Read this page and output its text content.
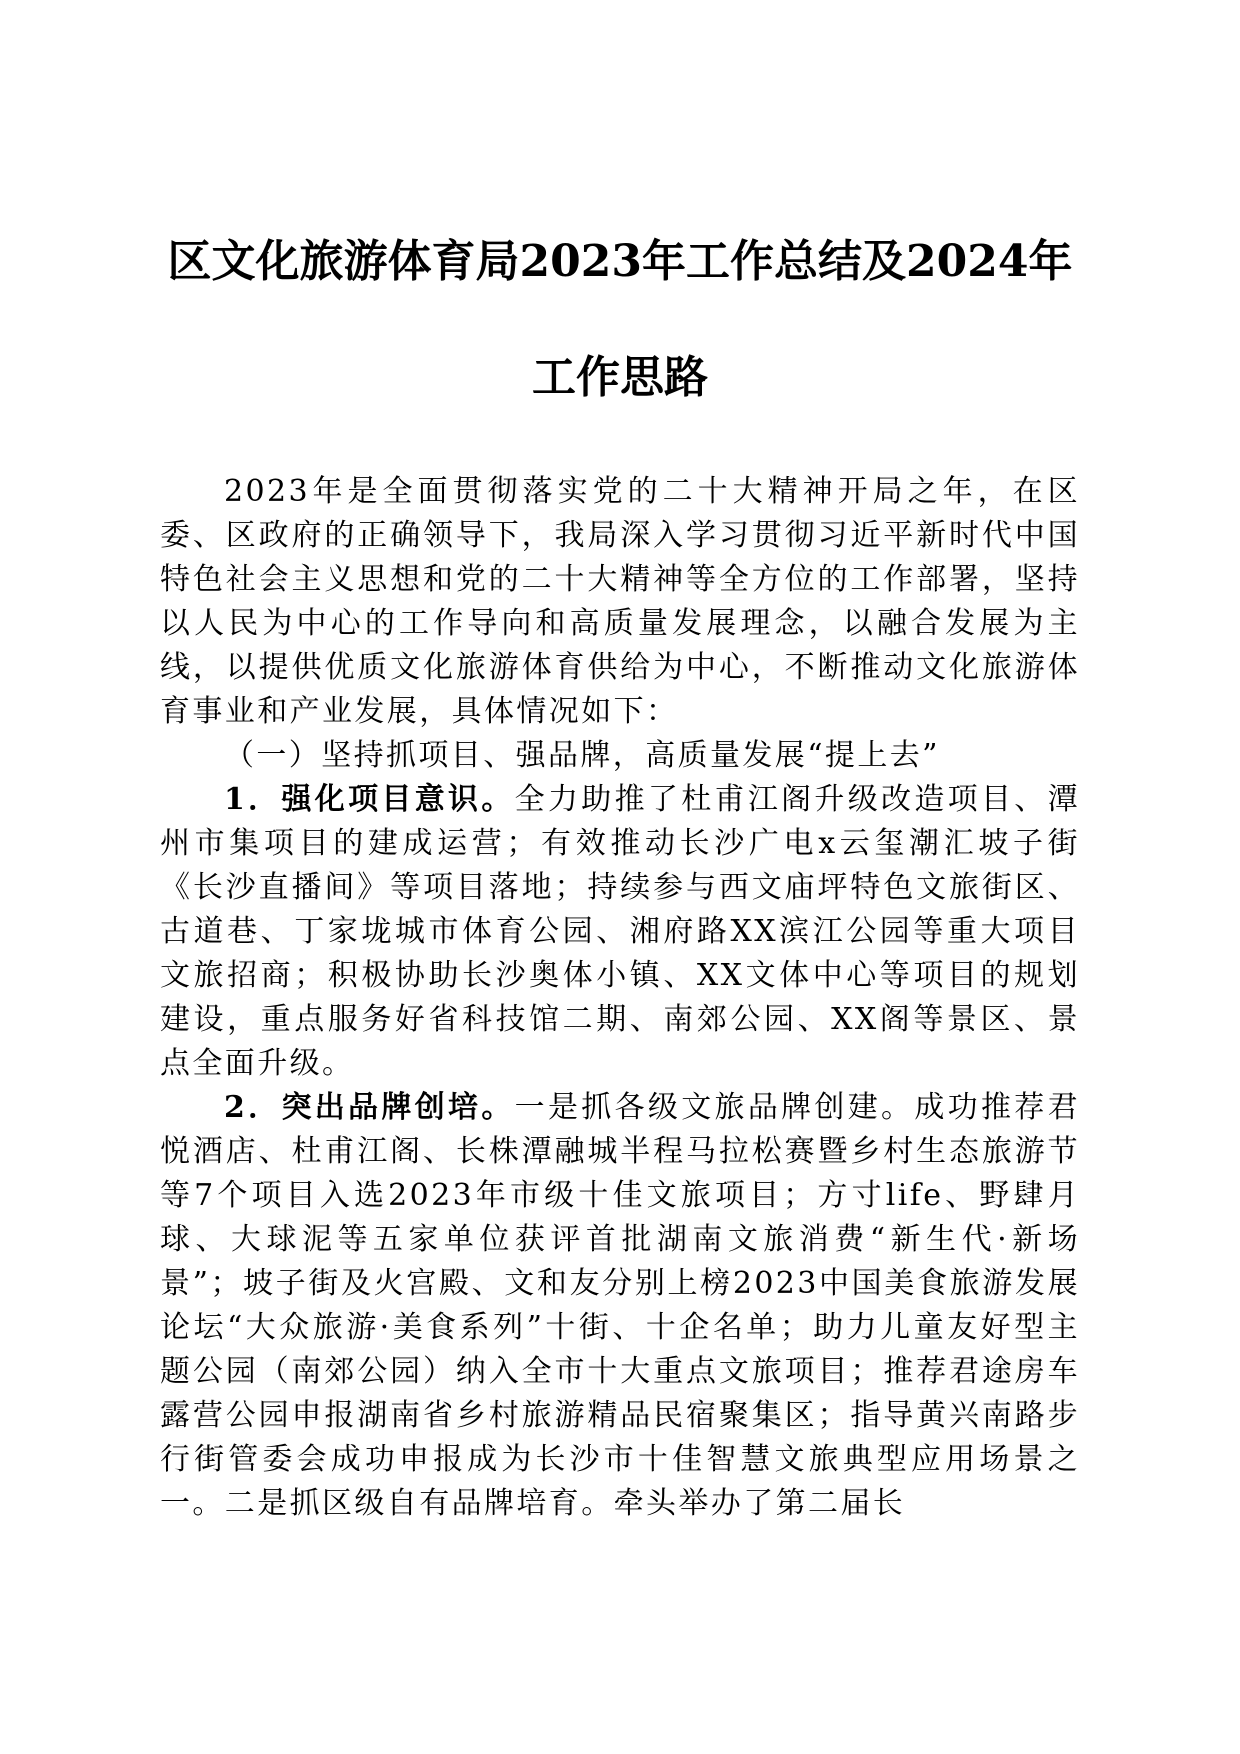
区文化旅游体育局2023年工作总结及2024年
工作思路

2023年是全面贯彻落实党的二十大精神开局之年，在区委、区政府的正确领导下，我局深入学习贯彻习近平新时代中国特色社会主义思想和党的二十大精神等全方位的工作部署，坚持以人民为中心的工作导向和高质量发展理念，以融合发展为主线，以提供优质文化旅游体育供给为中心，不断推动文化旅游体育事业和产业发展，具体情况如下：

（一）坚持抓项目、强品牌，高质量发展“提上去”

1．强化项目意识。全力助推了杜甫江阁升级改造项目、潭州市集项目的建成运营；有效推动长沙广电x云玺潮汇坡子街《长沙直播间》等项目落地；持续参与西文庙坪特色文旅街区、古道巷、丁家垅城市体育公园、湘府路XX滨江公园等重大项目文旅招商；积极协助长沙奥体小镇、XX文体中心等项目的规划建设，重点服务好省科技馆二期、南郊公园、XX阁等景区、景点全面升级。

2．突出品牌创培。一是抓各级文旅品牌创建。成功推荐君悦酒店、杜甫江阁、长株潭融城半程马拉松赛暨乡村生态旅游节等7个项目入选2023年市级十佳文旅项目；方寸life、野肆月球、大球泥等五家单位获评首批湖南文旅消费“新生代·新场景”；坡子街及火宫殿、文和友分别上榜2023中国美食旅游发展论坛“大众旅游·美食系列”十街、十企名单；助力儿童友好型主题公园（南郊公园）纳入全市十大重点文旅项目；推荐君途房车露营公园申报湖南省乡村旅游精品民宿聚集区；指导黄兴南路步行街管委会成功申报成为长沙市十佳智慧文旅典型应用场景之一。二是抓区级自有品牌培育。牵头举办了第二届长
